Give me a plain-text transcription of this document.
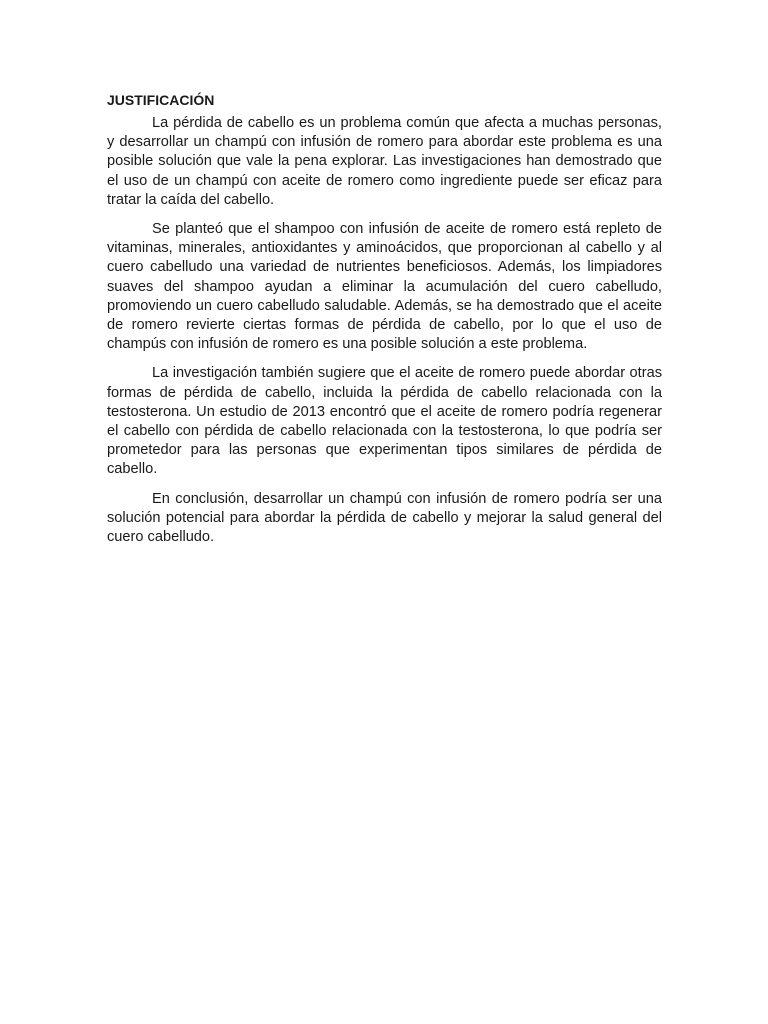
JUSTIFICACIÓN

La pérdida de cabello es un problema común que afecta a muchas personas, y desarrollar un champú con infusión de romero para abordar este problema es una posible solución que vale la pena explorar. Las investigaciones han demostrado que el uso de un champú con aceite de romero como ingrediente puede ser eficaz para tratar la caída del cabello.

Se planteó que el shampoo con infusión de aceite de romero está repleto de vitaminas, minerales, antioxidantes y aminoácidos, que proporcionan al cabello y al cuero cabelludo una variedad de nutrientes beneficiosos. Además, los limpiadores suaves del shampoo ayudan a eliminar la acumulación del cuero cabelludo, promoviendo un cuero cabelludo saludable. Además, se ha demostrado que el aceite de romero revierte ciertas formas de pérdida de cabello, por lo que el uso de champús con infusión de romero es una posible solución a este problema.

La investigación también sugiere que el aceite de romero puede abordar otras formas de pérdida de cabello, incluida la pérdida de cabello relacionada con la testosterona. Un estudio de 2013 encontró que el aceite de romero podría regenerar el cabello con pérdida de cabello relacionada con la testosterona, lo que podría ser prometedor para las personas que experimentan tipos similares de pérdida de cabello.

En conclusión, desarrollar un champú con infusión de romero podría ser una solución potencial para abordar la pérdida de cabello y mejorar la salud general del cuero cabelludo.
